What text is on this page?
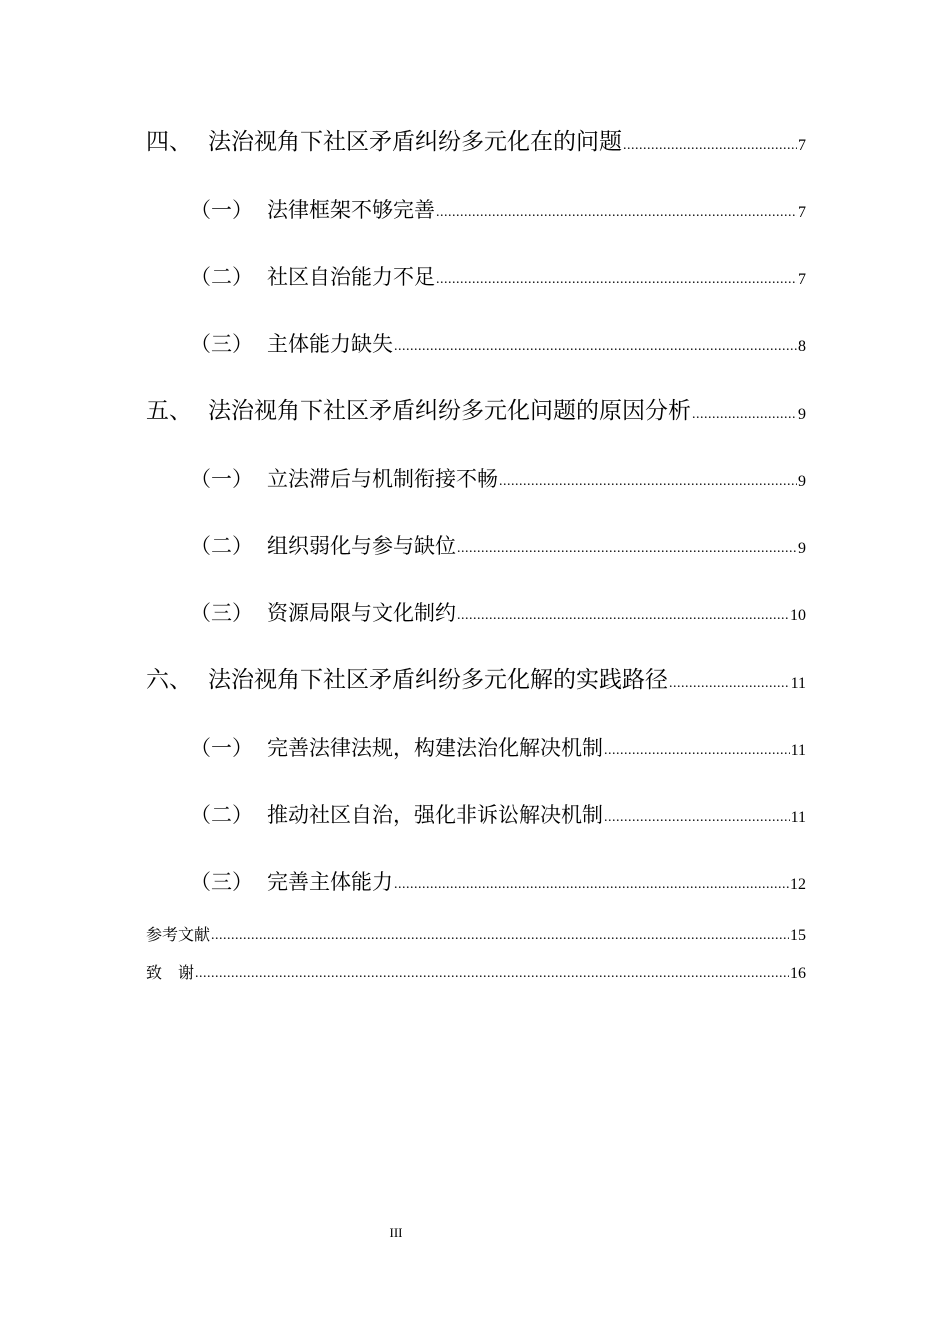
四、 法治视角下社区矛盾纠纷多元化在的问题 .....	7
（一） 法律框架不够完善 .....	7
（二） 社区自治能力不足 .....	7
（三） 主体能力缺失 .....	8
五、 法治视角下社区矛盾纠纷多元化问题的原因分析 .....	9
（一） 立法滞后与机制衔接不畅 .....	9
（二） 组织弱化与参与缺位 .....	9
（三） 资源局限与文化制约 .....	10
六、 法治视角下社区矛盾纠纷多元化解的实践路径 .....	11
（一） 完善法律法规，构建法治化解决机制 .....	11
（二） 推动社区自治，强化非诉讼解决机制 .....	11
（三） 完善主体能力 .....	12
参考文献 .....	15
致　谢 .....	16
III
